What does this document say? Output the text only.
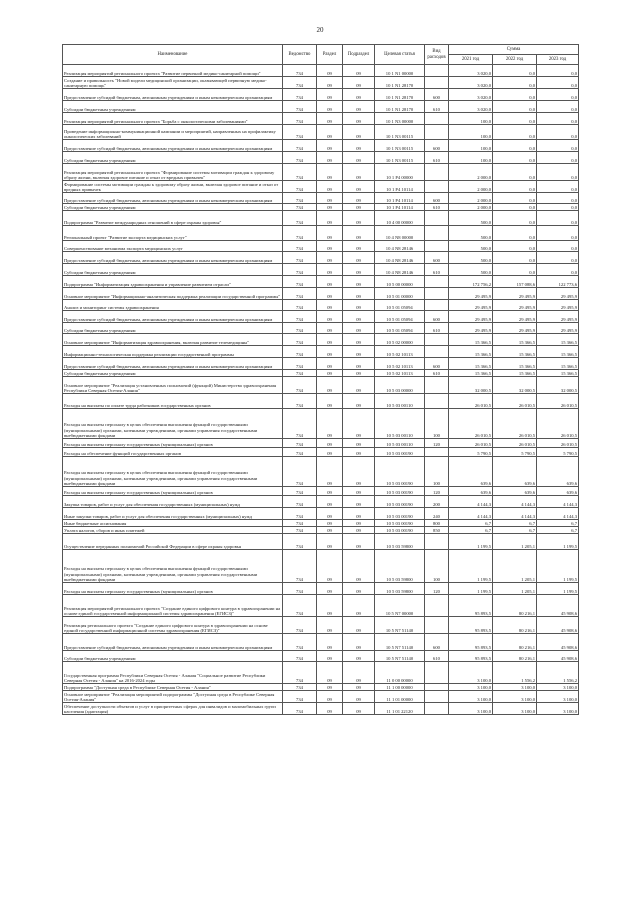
20
Наименование	Ведомство	Раздел	Подраздел	Целевая статья	Вид расходов	Сумма		
						2021 год	2022 год	2023 год
Реализация мероприятий регионального проекта "Развитие первичной медико-санитарной помощи"	734	09	09	10 1 N1 00000		3 020,0	0,0	0,0
Создание и правильность "Новой модели медицинской организации, оказывающей первичную медико-санитарную помощь"	734	09	09	10 1 N1 28170		3 020,0	0,0	0,0
Предоставление субсидий бюджетным, автономным учреждениям и иным некоммерческим организациям	734	09	09	10 1 N1 28170	600	3 020,0	0,0	0,0
Субсидии бюджетным учреждениям	734	09	09	10 1 N1 28170	610	3 020,0	0,0	0,0
Реализация мероприятий регионального проекта "Борьба с онкологическими заболеваниями"	734	09	09	10 1 N3 00000		100,0	0,0	0,0
Проведение информационно-коммуникационной кампании и мероприятий, направленных на профилактику онкологических заболеваний	734	09	09	10 1 N3 00115		100,0	0,0	0,0
Предоставление субсидий бюджетным, автономным учреждениям и иным некоммерческим организациям	734	09	09	10 1 N3 00115	600	100,0	0,0	0,0
Субсидии бюджетным учреждениям	734	09	09	10 1 N3 00115	610	100,0	0,0	0,0
Реализация мероприятий регионального проекта "Формирование системы мотивации граждан к здоровому образу жизни, включая здоровое питание и отказ от вредных привычек"	734	09	09	10 1 P4 00000		2 000,0	0,0	0,0
Формирование системы мотивации граждан к здоровому образу жизни, включая здоровое питание и отказ от вредных привычек	734	09	09	10 1 P4 10114		2 000,0	0,0	0,0
Предоставление субсидий бюджетным, автономным учреждениям и иным некоммерческим организациям	734	09	09	10 1 P4 10114	600	2 000,0	0,0	0,0
Субсидии бюджетным учреждениям	734	09	09	10 1 P4 10114	610	2 000,0	0,0	0,0
Подпрограмма "Развитие международных отношений в сфере охраны здоровья"	734	09	09	10 4 00 00000		500,0	0,0	0,0
Региональный проект "Развитие экспорта медицинских услуг"	734	09	09	10 4 N8 00000		500,0	0,0	0,0
Совершенствование механизма экспорта медицинских услуг	734	09	09	10 4 N8 28146		500,0	0,0	0,0
Предоставление субсидий бюджетным, автономным учреждениям и иным некоммерческим организациям	734	09	09	10 4 N8 28146	600	500,0	0,0	0,0
Субсидии бюджетным учреждениям	734	09	09	10 4 N8 28146	610	500,0	0,0	0,0
Подпрограмма "Информатизация здравоохранения и управление развитием отрасли"	734	09	09	10 5 00 00000		172 756,2	157 088,6	122 773,6
Основное мероприятие "Информационно-аналитическая поддержка реализации государственной программы"	734	09	09	10 5 01 00000		29 495,9	29 495,9	29 495,9
Анализ и мониторинг системы здравоохранения	734	09	09	10 5 01 05094		29 495,9	29 495,9	29 495,9
Предоставление субсидий бюджетным, автономным учреждениям и иным некоммерческим организациям	734	09	09	10 5 01 05094	600	29 495,9	29 495,9	29 495,9
Субсидии бюджетным учреждениям	734	09	09	10 5 01 05094	610	29 495,9	29 495,9	29 495,9
Основное мероприятие "Информатизация здравоохранения, включая развитие телемедицины"	734	09	09	10 5 02 00000		15 366,5	15 366,5	15 366,5
Информационно-технологическая поддержка реализации государственной программы	734	09	09	10 5 02 10113		15 366,5	15 366,5	15 366,5
Предоставление субсидий бюджетным, автономным учреждениям и иным некоммерческим организациям	734	09	09	10 5 02 10113	600	15 366,5	15 366,5	15 366,5
Субсидии бюджетным учреждениям	734	09	09	10 5 02 10113	610	15 366,5	15 366,5	15 366,5
Основное мероприятие "Реализация установленных полномочий (функций) Министерства здравоохранения Республики Северная Осетия-Алания"	734	09	09	10 5 03 00000		32 000,5	32 000,5	32 000,5
Расходы на выплаты по оплате труда работников государственных органов	734	09	09	10 5 03 00110		26 010,5	26 010,5	26 010,5
Расходы на выплаты персоналу в целях обеспечения выполнения функций государственными (муниципальными) органами, казенными учреждениями, органами управления государственными внебюджетными фондами	734	09	09	10 5 03 00110	100	26 010,5	26 010,5	26 010,5
Расходы на выплаты персоналу государственных (муниципальных) органов	734	09	09	10 5 03 00110	120	26 010,5	26 010,5	26 010,5
Расходы на обеспечение функций государственных органов	734	09	09	10 5 03 00190		5 790,5	5 790,5	5 790,5
Расходы на выплаты персоналу в целях обеспечения выполнения функций государственными (муниципальными) органами, казенными учреждениями, органами управления государственными внебюджетными фондами	734	09	09	10 5 03 00190	100	639,6	639,6	639,6
Расходы на выплаты персоналу государственных (муниципальных) органов	734	09	09	10 5 03 00190	120	639,6	639,6	639,6
Закупка товаров, работ и услуг для обеспечения государственных (муниципальных) нужд	734	09	09	10 5 03 00190	200	4 144,3	4 144,3	4 144,3
Иные закупки товаров, работ и услуг для обеспечения государственных (муниципальных) нужд	734	09	09	10 5 03 00190	240	4 144,3	4 144,3	4 144,3
Иные бюджетные ассигнования	734	09	09	10 5 03 00190	800	6,7	6,7	6,7
Уплата налогов, сборов и иных платежей	734	09	09	10 5 03 00190	850	6,7	6,7	6,7
Осуществление переданных полномочий Российской Федерации в сфере охраны здоровья	734	09	09	10 5 03 59800		1 199,5	1 205,1	1 199,5
Расходы на выплаты персоналу в целях обеспечения выполнения функций государственными (муниципальными) органами, казенными учреждениями, органами управления государственными внебюджетными фондами	734	09	09	10 5 03 59800	100	1 199,5	1 205,1	1 199,5
Расходы на выплаты персоналу государственных (муниципальных) органов	734	09	09	10 5 03 59800	120	1 199,5	1 205,1	1 199,5
Реализация мероприятий регионального проекта "Создание единого цифрового контура в здравоохранении на основе единой государственной информационной системы здравоохранения (ЕГИСЗ)"	734	09	09	10 5 N7 00000		95 893,5	80 216,1	45 908,6
Реализация регионального проекта "Создание единого цифрового контура в здравоохранении на основе единой государственной информационной системы здравоохранения (ЕГИСЗ)"	734	09	09	10 5 N7 51140		95 893,5	80 216,1	45 908,6
Предоставление субсидий бюджетным, автономным учреждениям и иным некоммерческим организациям	734	09	09	10 5 N7 51140	600	95 893,5	80 216,1	45 908,6
Субсидии бюджетным учреждениям	734	09	09	10 5 N7 51140	610	95 893,5	80 216,1	45 908,6
Государственная программа Республики Северная Осетия - Алания "Социальное развитие Республики Северная Осетия - Алания" на 2016-2024 годы	734	09	09	11 0 00 00000		3 100,0	1 556,2	1 556,2
Подпрограмма "Доступная среда в Республике Северная Осетия - Алания"	734	09	09	11 1 00 00000		3 100,0	3 100,0	3 100,0
Основное мероприятие "Реализация мероприятий подпрограммы "Доступная среда в Республике Северная Осетия-Алания"	734	09	09	11 1 01 00000		3 100,0	3 100,0	3 100,0
Обеспечение доступности объектов и услуг в приоритетных сферах для инвалидов и маломобильных групп населения (адаптация)	734	09	09	11 1 01 22120		3 100,0	3 100,0	3 100,0
